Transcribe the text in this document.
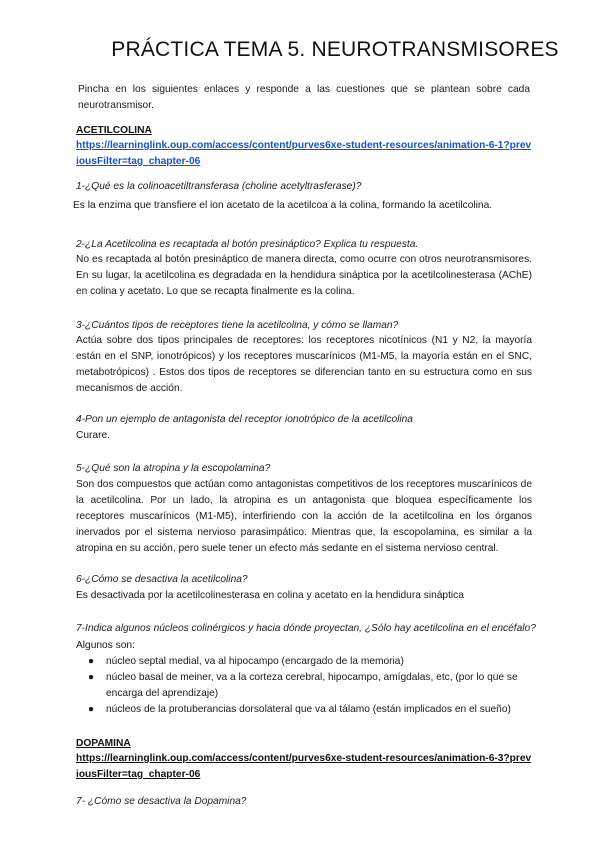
PRÁCTICA TEMA 5. NEUROTRANSMISORES
Pincha en los siguientes enlaces y responde a las cuestiones que se plantean sobre cada neurotransmisor.
ACETILCOLINA
https://learninglink.oup.com/access/content/purves6xe-student-resources/animation-6-1?previousFilter=tag_chapter-06
1-¿Qué es la colinoacetiltransferasa (choline acetyltrasferase)?
Es la enzima que transfiere el ion acetato de la acetilcoa a la colina, formando la acetilcolina.
2-¿La Acetilcolina es recaptada al botón presináptico? Explica tu respuesta.
No es recaptada al botón presináptico de manera directa, como ocurre con otros neurotransmisores. En su lugar, la acetilcolina es degradada en la hendidura sináptica por la acetilcolinesterasa (AChE) en colina y acetato. Lo que se recapta finalmente es la colina.
3-¿Cuántos tipos de receptores tiene la acetilcolina, y cómo se llaman?
Actúa sobre dos tipos principales de receptores: los receptores nicotínicos (N1 y N2, la mayoría están en el SNP, ionotrópicos) y los receptores muscarínicos (M1-M5, la mayoría están en el SNC, metabotrópicos) . Estos dos tipos de receptores se diferencian tanto en su estructura como en sus mecanismos de acción.
4-Pon un ejemplo de antagonista del receptor ionotrópico de la acetilcolina
Curare.
5-¿Qué son la atropina y la escopolamina?
Son dos compuestos que actúan como antagonistas competitivos de los receptores muscarínicos de la acetilcolina. Por un lado, la atropina es un antagonista que bloquea específicamente los receptores muscarínicos (M1-M5), interfiriendo con la acción de la acetilcolina en los órganos inervados por el sistema nervioso parasimpático. Mientras que, la escopolamina, es similar a la atropina en su acción, pero suele tener un efecto más sedante en el sistema nervioso central.
6-¿Cómo se desactiva la acetilcolina?
Es desactivada por la acetilcolinesterasa en colina y acetato en la hendidura sináptica
7-Indica algunos núcleos colinérgicos y hacia dónde proyectan, ¿Sólo hay acetilcolina en el encéfalo?
Algunos son:
● núcleo septal medial, va al hipocampo (encargado de la memoria)
● núcleo basal de meiner, va a la corteza cerebral, hipocampo, amígdalas, etc, (por lo que se encarga del aprendizaje)
● núcleos de la protuberancias dorsolateral que va al tálamo (están implicados en el sueño)
DOPAMINA
https://learninglink.oup.com/access/content/purves6xe-student-resources/animation-6-3?previousFilter=tag_chapter-06
7- ¿Cómo se desactiva la Dopamina?
